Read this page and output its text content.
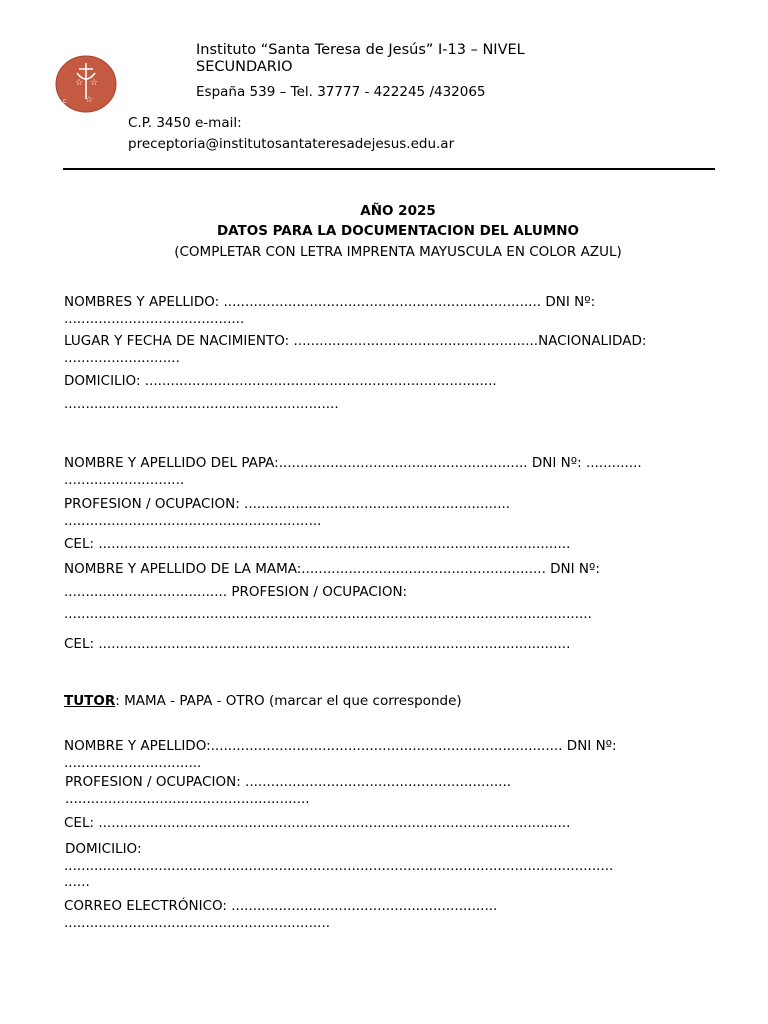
☆ ☆
☆
C
Instituto “Santa Teresa de Jesús” I-13 – NIVEL
SECUNDARIO
España 539 – Tel. 37777 - 422245 /432065
C.P. 3450 e-mail:
preceptoria@institutosantateresadejesus.edu.ar
AÑO 2025
DATOS PARA LA DOCUMENTACION DEL ALUMNO
(COMPLETAR CON LETRA IMPRENTA MAYUSCULA EN COLOR AZUL)
NOMBRES Y APELLIDO: .......................................................................... DNI Nº:
..........................................
LUGAR Y FECHA DE NACIMIENTO: .........................................................NACIONALIDAD:
...........................
DOMICILIO: ..................................................................................
................................................................
NOMBRE Y APELLIDO DEL PAPA:.......................................................... DNI Nº: .............
............................
PROFESION / OCUPACION: ..............................................................
............................................................
CEL: ..............................................................................................................
NOMBRE Y APELLIDO DE LA MAMA:......................................................... DNI Nº:
...................................... PROFESION / OCUPACION:
...........................................................................................................................
CEL: ..............................................................................................................
TUTOR: MAMA - PAPA - OTRO (marcar el que corresponde)
NOMBRE Y APELLIDO:.................................................................................. DNI Nº:
................................
PROFESION / OCUPACION: ..............................................................
.........................................................
CEL: ..............................................................................................................
DOMICILIO:
................................................................................................................................
......
CORREO ELECTRÓNICO: ..............................................................
..............................................................
